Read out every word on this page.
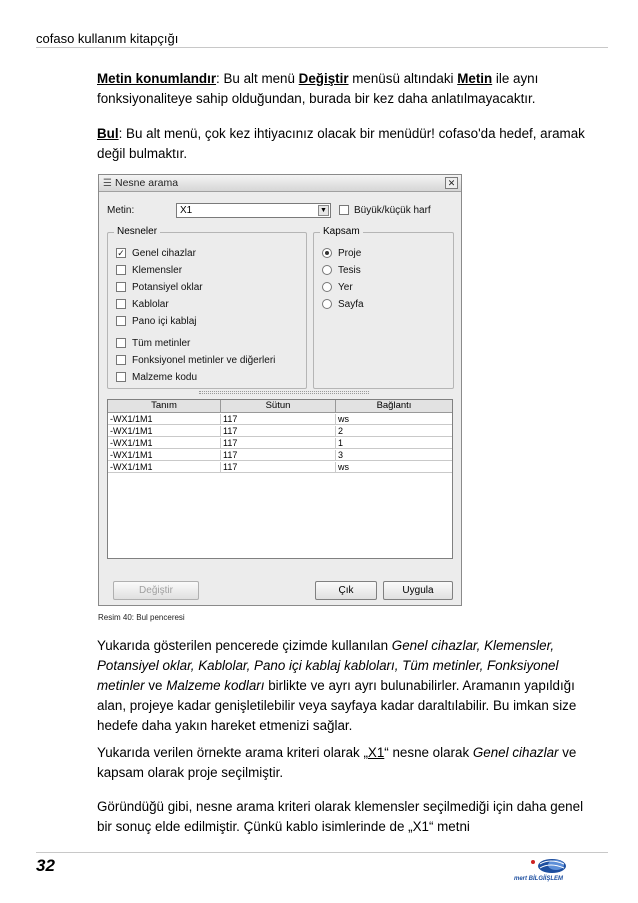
cofaso kullanım kitapçığı
Metin konumlandır: Bu alt menü Değiştir menüsü altındaki Metin ile aynı fonksiyonaliteye sahip olduğundan, burada bir kez daha anlatılmayacaktır.
Bul: Bu alt menü, çok kez ihtiyacınız olacak bir menüdür! cofaso'da hedef, aramak değil bulmaktır.
☰ Nesne arama	✕
Metin:	X1	▼	Büyük/küçük harf
Nesneler
✓ Genel cihazlar
Klemensler
Potansiyel oklar
Kablolar
Pano içi kablaj
Tüm metinler
Fonksiyonel metinler ve diğerleri
Malzeme kodu
Kapsam
Proje
Tesis
Yer
Sayfa
Tanım	Sütun	Bağlantı
-WX1/1M1	117	ws
-WX1/1M1	117	2
-WX1/1M1	117	1
-WX1/1M1	117	3
-WX1/1M1	117	ws
Değiştir	Çık	Uygula
Resim 40: Bul penceresi
Yukarıda gösterilen pencerede çizimde kullanılan Genel cihazlar, Klemensler, Potansiyel oklar, Kablolar, Pano içi kablaj kabloları, Tüm metinler, Fonksiyonel metinler ve Malzeme kodları birlikte ve ayrı ayrı bulunabilirler. Aramanın yapıldığı alan, projeye kadar genişletilebilir veya sayfaya kadar daraltılabilir. Bu imkan size hedefe daha yakın hareket etmenizi sağlar.
Yukarıda verilen örnekte arama kriteri olarak „X1“ nesne olarak Genel cihazlar ve kapsam olarak proje seçilmiştir.
Göründüğü gibi, nesne arama kriteri olarak klemensler seçilmediği için daha genel bir sonuç elde edilmiştir. Çünkü kablo isimlerinde de „X1“ metni
32
mert BİLGİİŞLEM
